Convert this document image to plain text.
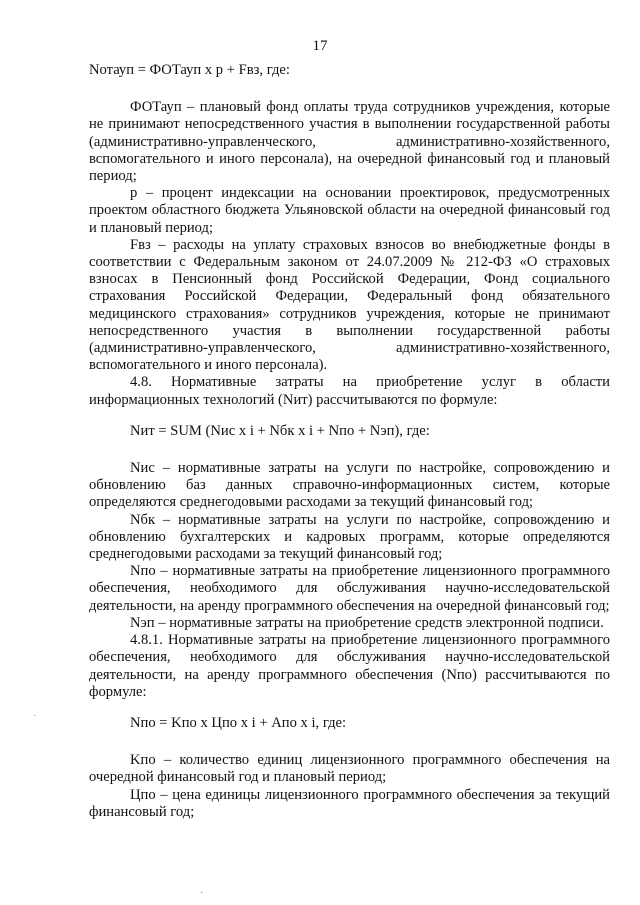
17

Nотауп = ФОТауп х р + Fвз, где:

ФОТауп – плановый фонд оплаты труда сотрудников учреждения, которые не принимают непосредственного участия в выполнении государственной работы (административно-управленческого, административно-хозяйственного, вспомогательного и иного персонала), на очередной финансовый год и плановый период;

р – процент индексации на основании проектировок, предусмотренных проектом областного бюджета Ульяновской области на очередной финансовый год и плановый период;

Fвз – расходы на уплату страховых взносов во внебюджетные фонды в соответствии с Федеральным законом от 24.07.2009 № 212-ФЗ «О страховых взносах в Пенсионный фонд Российской Федерации, Фонд социального страхования Российской Федерации, Федеральный фонд обязательного медицинского страхования» сотрудников учреждения, которые не принимают непосредственного участия в выполнении государственной работы (административно-управленческого, административно-хозяйственного, вспомогательного и иного персонала).

4.8. Нормативные затраты на приобретение услуг в области информационных технологий (Nит) рассчитываются по формуле:

Nит = SUM (Nис х i + Nбк х i + Nпо + Nэп), где:

Nис – нормативные затраты на услуги по настройке, сопровождению и обновлению баз данных справочно-информационных систем, которые определяются среднегодовыми расходами за текущий финансовый год;

Nбк – нормативные затраты на услуги по настройке, сопровождению и обновлению бухгалтерских и кадровых программ, которые определяются среднегодовыми расходами за текущий финансовый год;

Nпо – нормативные затраты на приобретение лицензионного программного обеспечения, необходимого для обслуживания научно-исследовательской деятельности, на аренду программного обеспечения на очередной финансовый год;

Nэп – нормативные затраты на приобретение средств электронной подписи.

4.8.1. Нормативные затраты на приобретение лицензионного программного обеспечения, необходимого для обслуживания научно-исследовательской деятельности, на аренду программного обеспечения (Nпо) рассчитываются по формуле:

Nпо = Kпо х Цпо х i + Апо х i, где:

Kпо – количество единиц лицензионного программного обеспечения на очередной финансовый год и плановый период;

Цпо – цена единицы лицензионного программного обеспечения за текущий финансовый год;

·
·
